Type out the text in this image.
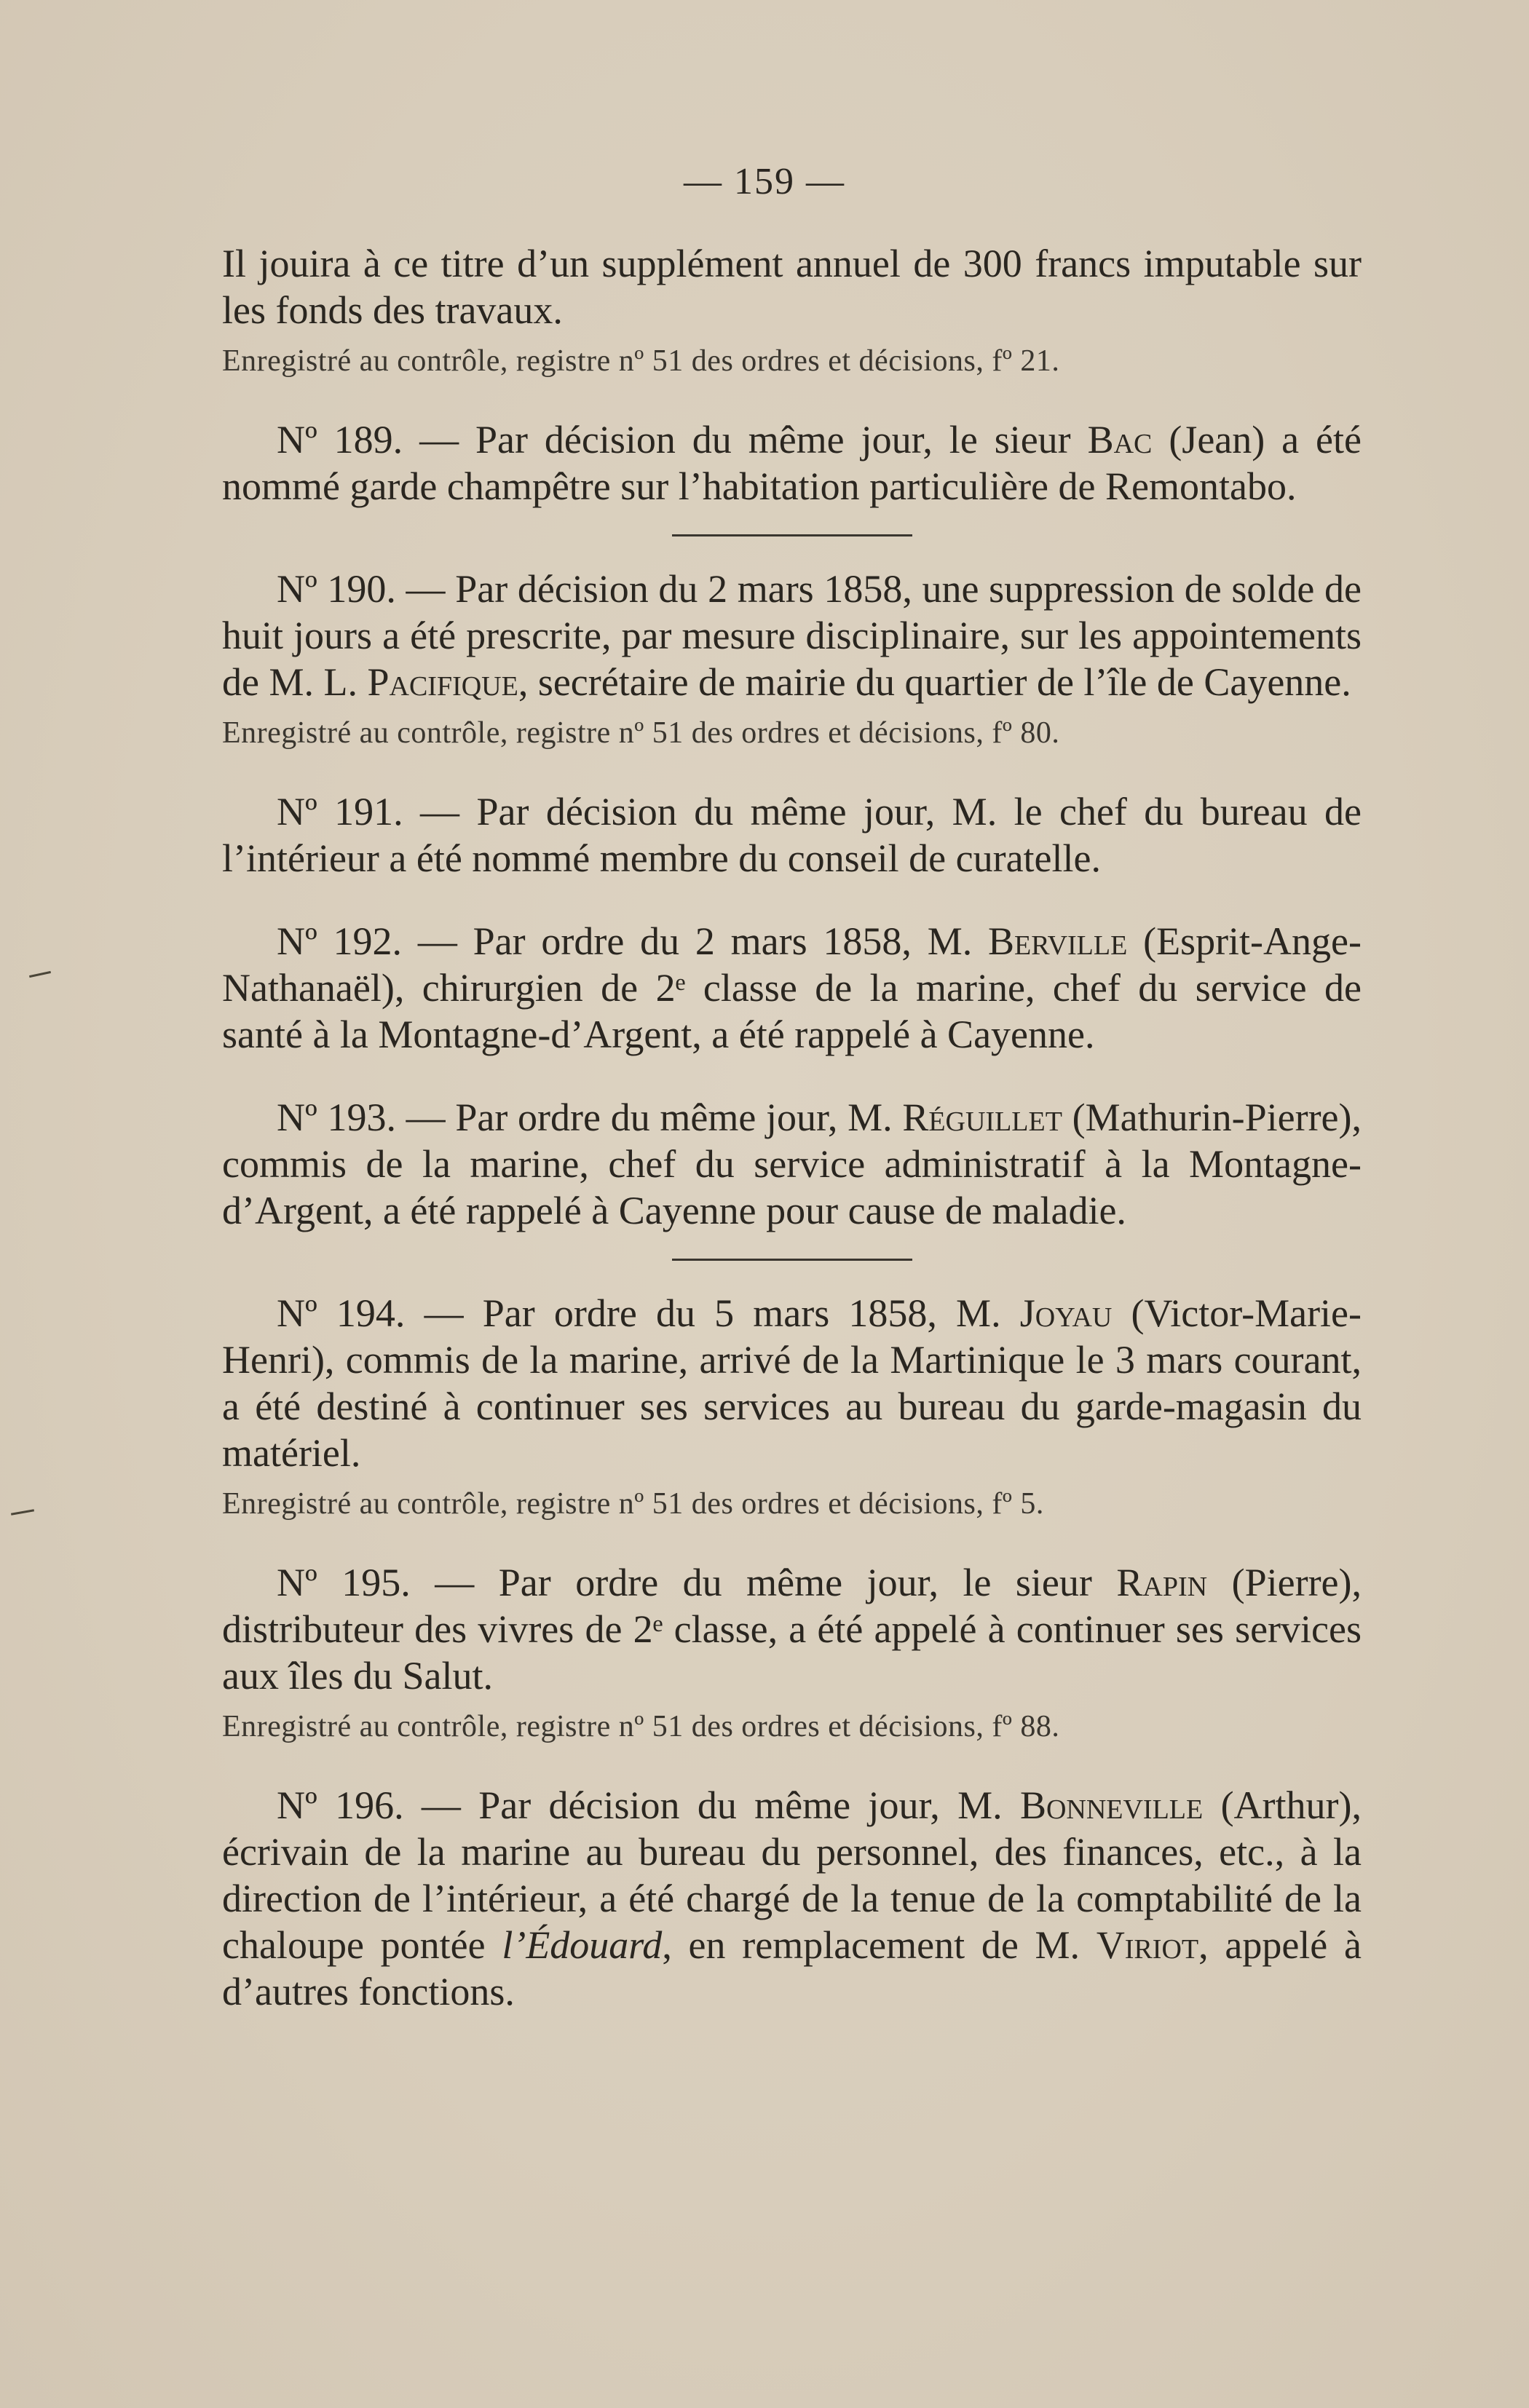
— 159 —

Il jouira à ce titre d’un supplément annuel de 300 francs imputable sur les fonds des travaux.

Enregistré au contrôle, registre nº 51 des ordres et décisions, fº 21.

Nº 189. — Par décision du même jour, le sieur Bac (Jean) a été nommé garde champêtre sur l’habitation particulière de Remontabo.

Nº 190. — Par décision du 2 mars 1858, une suppression de solde de huit jours a été prescrite, par mesure disciplinaire, sur les appointements de M. L. Pacifique, secrétaire de mairie du quartier de l’île de Cayenne.

Enregistré au contrôle, registre nº 51 des ordres et décisions, fº 80.

Nº 191. — Par décision du même jour, M. le chef du bureau de l’intérieur a été nommé membre du conseil de curatelle.

Nº 192. — Par ordre du 2 mars 1858, M. Berville (Esprit-Ange-Nathanaël), chirurgien de 2ᵉ classe de la marine, chef du service de santé à la Montagne-d’Argent, a été rappelé à Cayenne.

Nº 193. — Par ordre du même jour, M. Réguillet (Mathurin-Pierre), commis de la marine, chef du service administratif à la Montagne-d’Argent, a été rappelé à Cayenne pour cause de maladie.

Nº 194. — Par ordre du 5 mars 1858, M. Joyau (Victor-Marie-Henri), commis de la marine, arrivé de la Martinique le 3 mars courant, a été destiné à continuer ses services au bureau du garde-magasin du matériel.

Enregistré au contrôle, registre nº 51 des ordres et décisions, fº 5.

Nº 195. — Par ordre du même jour, le sieur Rapin (Pierre), distributeur des vivres de 2ᵉ classe, a été appelé à continuer ses services aux îles du Salut.

Enregistré au contrôle, registre nº 51 des ordres et décisions, fº 88.

Nº 196. — Par décision du même jour, M. Bonneville (Arthur), écrivain de la marine au bureau du personnel, des finances, etc., à la direction de l’intérieur, a été chargé de la tenue de la comptabilité de la chaloupe pontée l’Édouard, en remplacement de M. Viriot, appelé à d’autres fonctions.
